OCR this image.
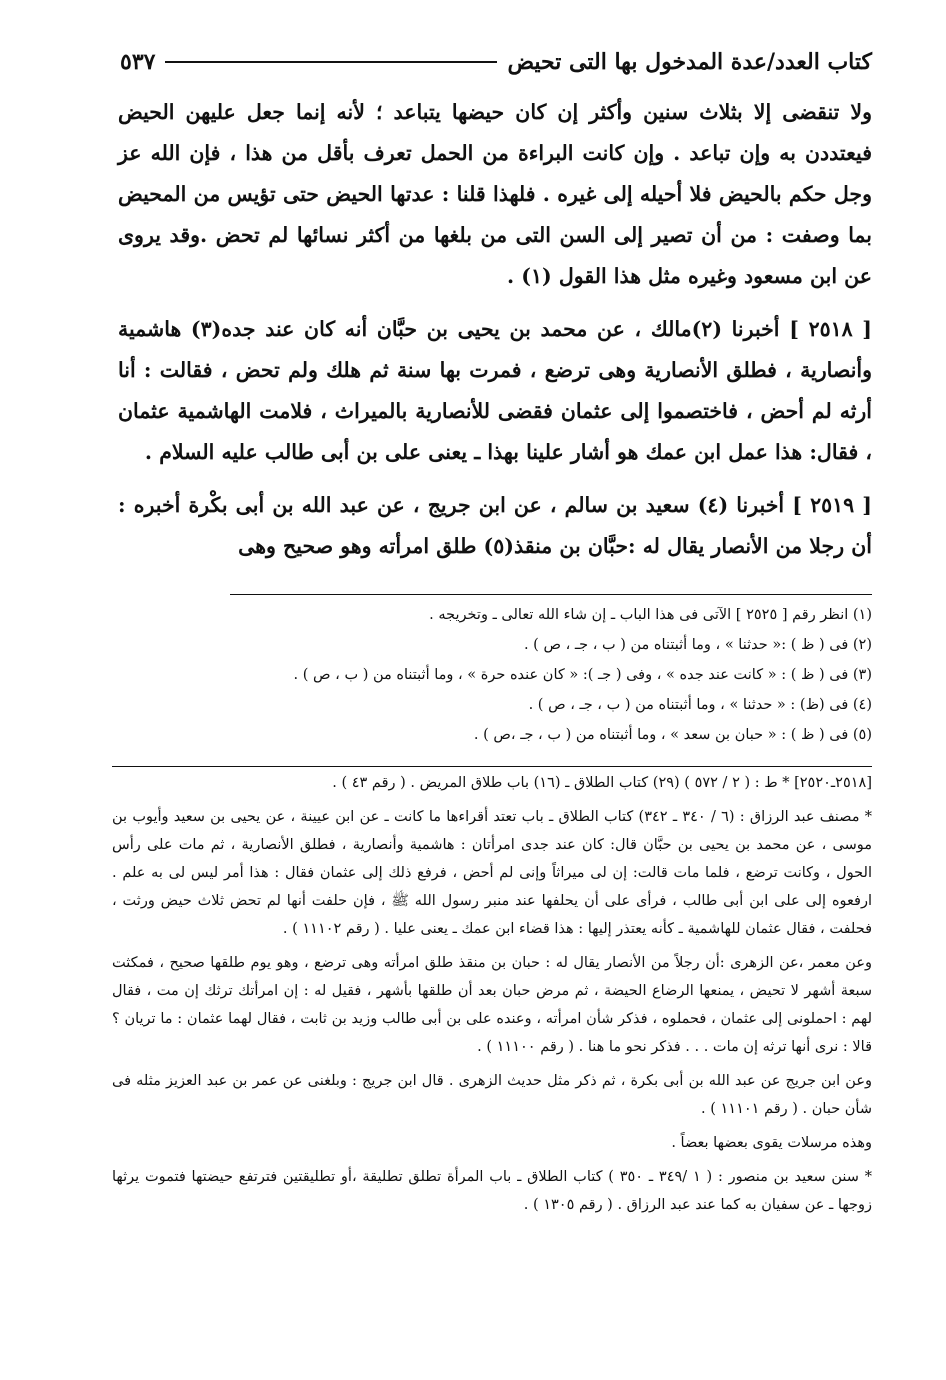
كتاب العدد/عدة المدخول بها التى تحيض
٥٣٧

ولا تنقضى إلا بثلاث سنين وأكثر إن كان حيضها يتباعد ؛ لأنه إنما جعل عليهن الحيض فيعتددن به وإن تباعد . وإن كانت البراءة من الحمل تعرف بأقل من هذا ، فإن الله عز وجل حكم بالحيض فلا أحيله إلى غيره . فلهذا قلنا : عدتها الحيض حتى تؤيس من المحيض بما وصفت : من أن تصير إلى السن التى من بلغها من أكثر نسائها لم تحض .وقد يروى عن ابن مسعود وغيره مثل هذا القول (١) .

[ ٢٥١٨ ] أخبرنا (٢)مالك ، عن محمد بن يحيى بن حبَّان أنه كان عند جده(٣) هاشمية وأنصارية ، فطلق الأنصارية وهى ترضع ، فمرت بها سنة ثم هلك ولم تحض ، فقالت : أنا أرثه لم أحض ، فاختصموا إلى عثمان فقضى للأنصارية بالميراث ، فلامت الهاشمية عثمان ، فقال: هذا عمل ابن عمك هو أشار علينا بهذا ـ يعنى على بن أبى طالب عليه السلام .

[ ٢٥١٩ ] أخبرنا (٤) سعيد بن سالم ، عن ابن جريج ، عن عبد الله بن أبى بكْرة أخبره : أن رجلا من الأنصار يقال له :حبَّان بن منقذ(٥) طلق امرأته وهو صحيح وهى

(١) انظر رقم [ ٢٥٢٥ ] الآتى فى هذا الباب ـ إن شاء الله تعالى ـ وتخريجه .
(٢) فى ( ظ ) :« حدثنا » ، وما أثبتناه من ( ب ، جـ ، ص ) .
(٣) فى ( ظ ) : « كانت عند جده » ، وفى ( جـ ): « كان عنده حرة » ، وما أثبتناه من ( ب ، ص ) .
(٤) فى (ظ) : « حدثنا » ، وما أثبتناه من ( ب ، جـ ، ص ) .
(٥) فى ( ظ ) : « حبان بن سعد » ، وما أثبتناه من ( ب ، جـ ،ص ) .

[٢٥١٨ـ٢٥٢٠] * ط : ( ٢ / ٥٧٢ ) (٢٩) كتاب الطلاق ـ (١٦) باب طلاق المريض . ( رقم ٤٣ ) .

* مصنف عبد الرزاق : (٦ / ٣٤٠ ـ ٣٤٢) كتاب الطلاق ـ باب تعتد أقراءها ما كانت ـ عن ابن عيينة ، عن يحيى بن سعيد وأيوب بن موسى ، عن محمد بن يحيى بن حبَّان قال: كان عند جدى امرأتان : هاشمية وأنصارية ، فطلق الأنصارية ، ثم مات على رأس الحول ، وكانت ترضع ، فلما مات قالت: إن لى ميراثاً وإنى لم أحض ، فرفع ذلك إلى عثمان فقال : هذا أمر ليس لى به علم . ارفعوه إلى على ابن أبى طالب ، فرأى على أن يحلفها عند منبر رسول الله ﷺ ، فإن حلفت أنها لم تحض ثلاث حيض ورثت ، فحلفت ، فقال عثمان للهاشمية ـ كأنه يعتذر إليها : هذا قضاء ابن عمك ـ يعنى عليا . ( رقم ١١١٠٢ ) .

وعن معمر ،عن الزهرى :أن رجلاً من الأنصار يقال له : حبان بن منقذ طلق امرأته وهى ترضع ، وهو يوم طلقها صحيح ، فمكثت سبعة أشهر لا تحيض ، يمنعها الرضاع الحيضة ، ثم مرض حبان بعد أن طلقها بأشهر ، فقيل له : إن امرأتك ترثك إن مت ، فقال لهم : احملونى إلى عثمان ، فحملوه ، فذكر شأن امرأته ، وعنده على بن أبى طالب وزيد بن ثابت ، فقال لهما عثمان : ما تريان ؟ قالا : نرى أنها ترثه إن مات . . . فذكر نحو ما هنا . ( رقم ١١١٠٠ ) .

وعن ابن جريج عن عبد الله بن أبى بكرة ، ثم ذكر مثل حديث الزهرى . قال ابن جريج : وبلغنى عن عمر بن عبد العزيز مثله فى شأن حبان . ( رقم ١١١٠١ ) .

وهذه مرسلات يقوى بعضها بعضاً .

* سنن سعيد بن منصور : ( ١ /٣٤٩ ـ ٣٥٠ ) كتاب الطلاق ـ باب المرأة تطلق تطليقة ،أو تطليقتين فترتفع حيضتها فتموت يرثها زوجها ـ عن سفيان به كما عند عبد الرزاق . ( رقم ١٣٠٥ ) .
